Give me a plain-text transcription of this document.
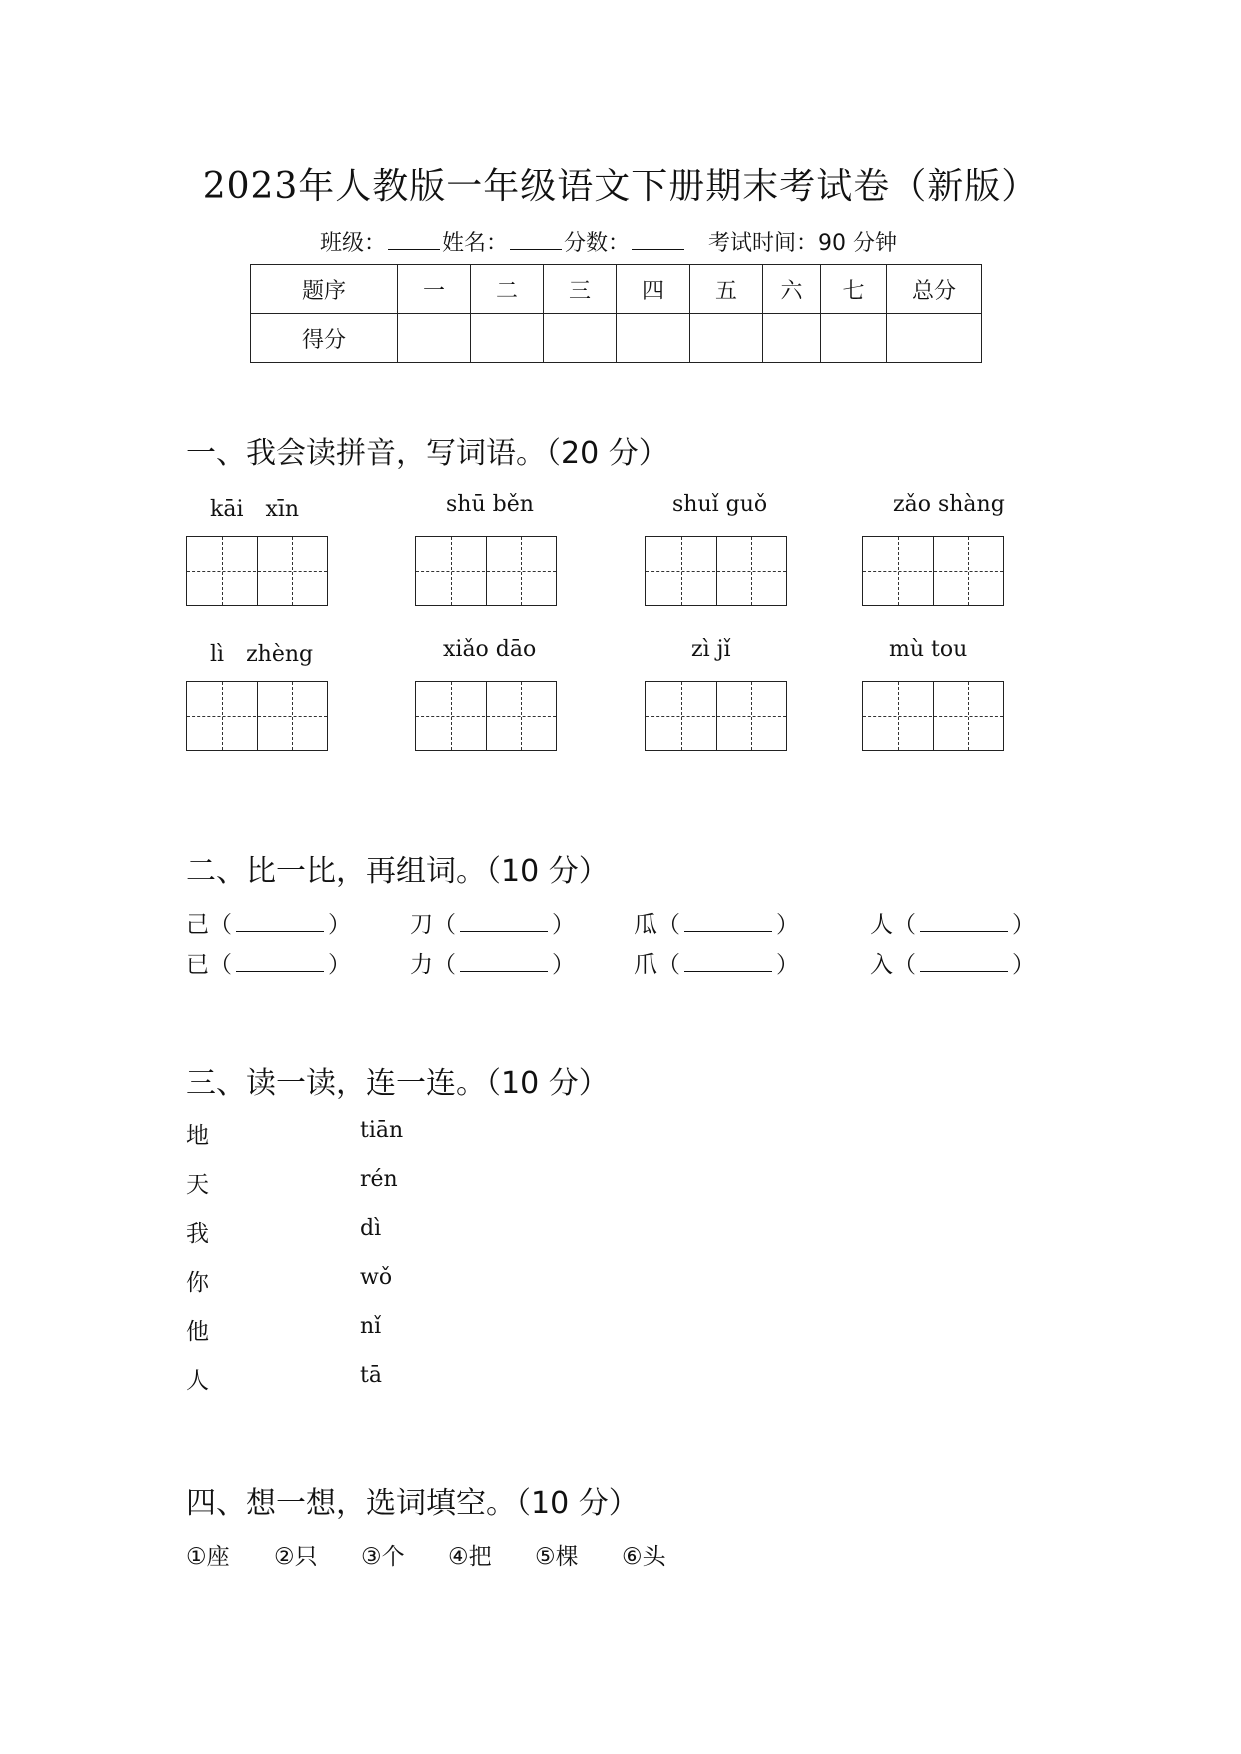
2023年人教版一年级语文下册期末考试卷（新版）
班级：	姓名：	分数：	考试时间：90 分钟
题序	一	二	三	四	五	六	七	总分
得分								
一、我会读拼音，写词语。（20 分）
kāi　xīn	shū běn	shuǐ guǒ	zǎo shàng
lì　zhèng	xiǎo dāo	zì jǐ	mù tou
二、比一比，再组词。（10 分）
己（	）	刀（	）	瓜（	）	人（	）
已（	）	力（	）	爪（	）	入（	）
三、读一读，连一连。（10 分）
地
天
我
你
他
人
tiān
rén
dì
wǒ
nǐ
tā
四、想一想，选词填空。（10 分）
①座 ②只 ③个 ④把 ⑤棵 ⑥头
